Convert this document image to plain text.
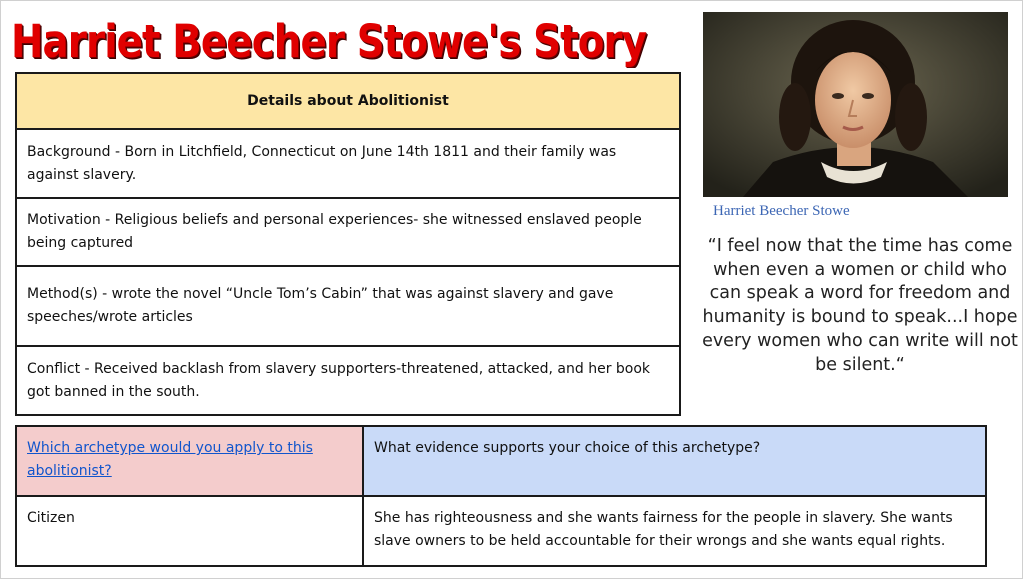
Harriet Beecher Stowe's Story
Details about Abolitionist
Background - Born in Litchfield, Connecticut on June 14th 1811 and their family was against slavery.
Motivation - Religious beliefs and personal experiences- she witnessed enslaved people being captured
Method(s) - wrote the novel “Uncle Tom’s Cabin” that was against slavery and gave speeches/wrote articles
Conflict - Received backlash from slavery supporters-threatened, attacked, and her book got banned in the south.
Harriet Beecher Stowe
“I feel now that the time has come when even a women or child who can speak a word for freedom and humanity is bound to speak...I hope every women who can write will not be silent.“
Which archetype would you apply to this abolitionist?	What evidence supports your choice of this archetype?
Citizen	She has righteousness and she wants fairness for the people in slavery. She wants slave owners to be held accountable for their wrongs and she wants equal rights.
